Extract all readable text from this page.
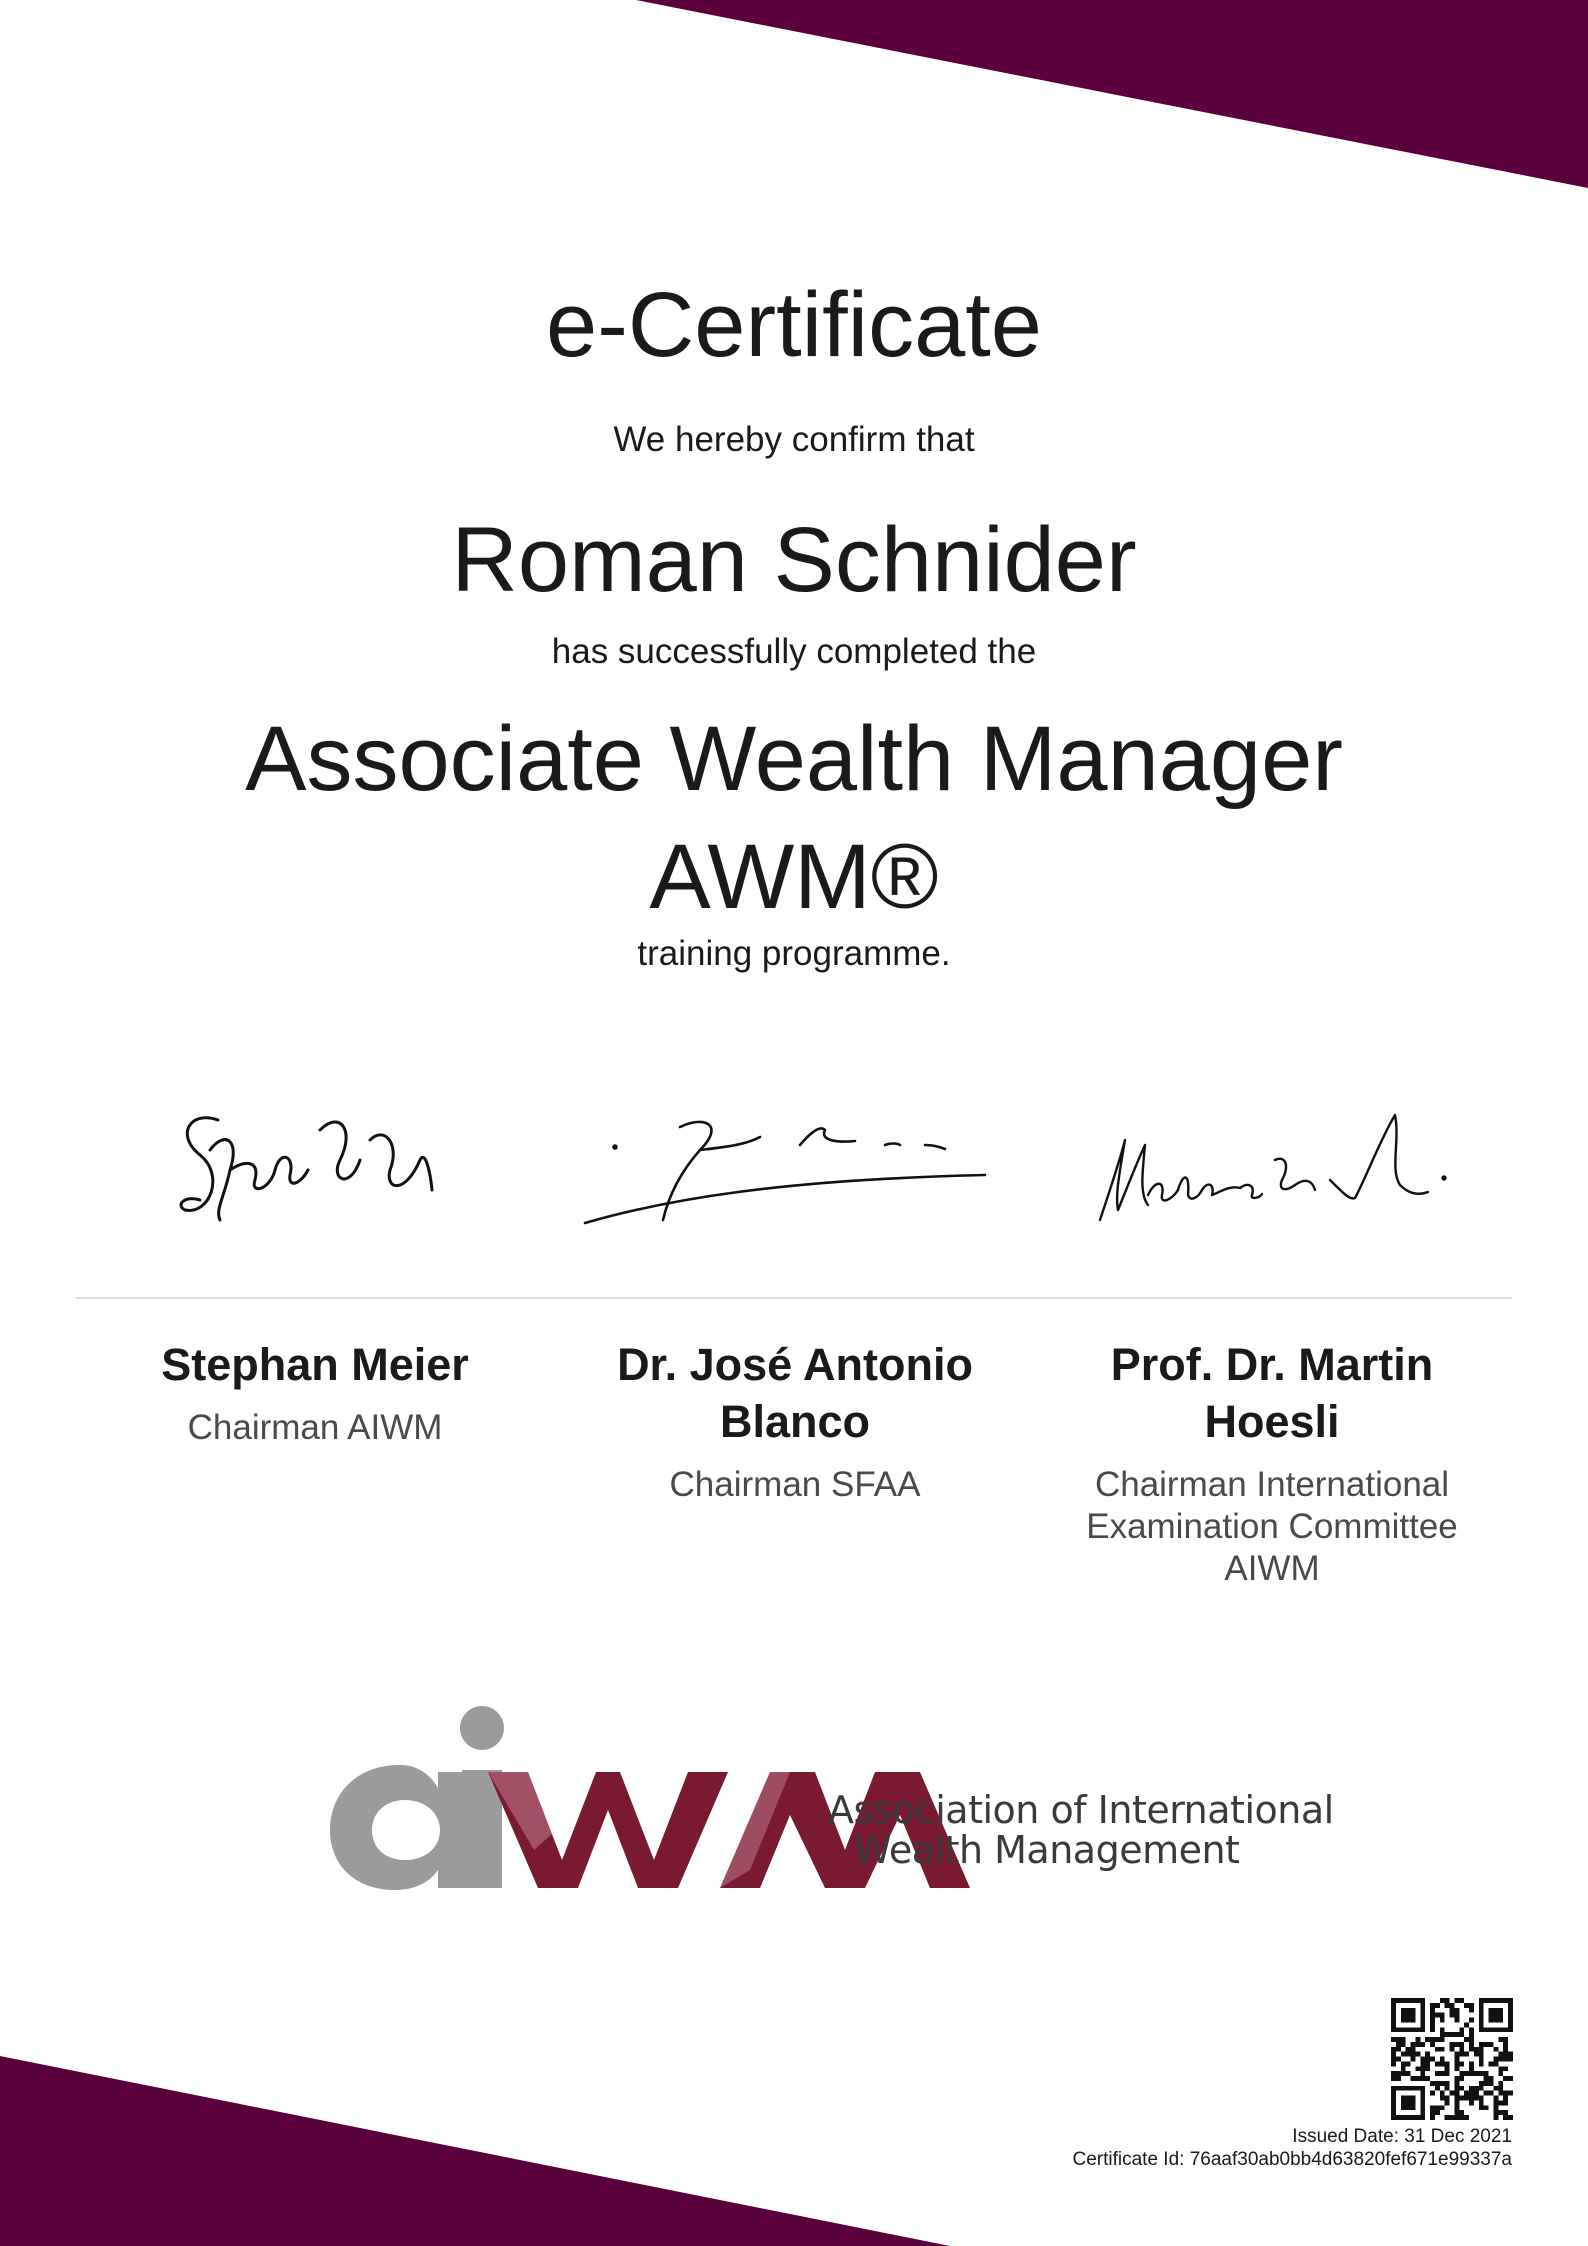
e-Certificate
We hereby confirm that
Roman Schnider
has successfully completed the
Associate Wealth Manager
AWM®
training programme.
Stephan Meier
Chairman AIWM
Dr. José Antonio Blanco
Chairman SFAA
Prof. Dr. Martin Hoesli
Chairman International Examination Committee AIWM
Association of International
Wealth Management
Issued Date: 31 Dec 2021
Certificate Id: 76aaf30ab0bb4d63820fef671e99337a
